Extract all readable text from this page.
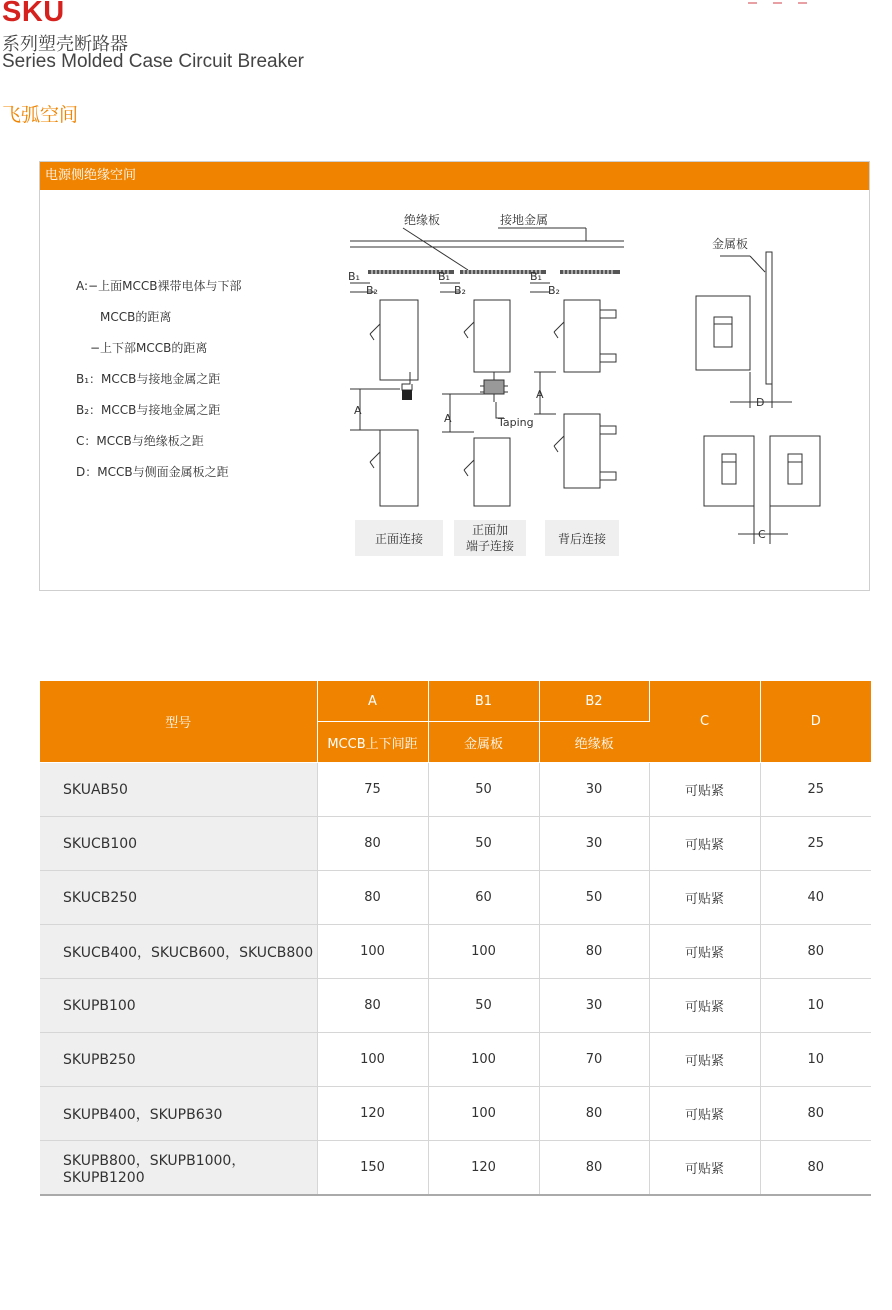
SKU
系列塑壳断路器
Series Molded Case Circuit Breaker
飞弧空间
电源侧绝缘空间
A:−上面MCCB裸带电体与下部
MCCB的距离
−上下部MCCB的距离
B₁：MCCB与接地金属之距
B₂：MCCB与接地金属之距
C：MCCB与绝缘板之距
D：MCCB与侧面金属板之距
绝缘板	接地金属
金属板
B₁
B₂
B₁
B₂
B₁
B₂
A
A	Taping
A
正面连接
正面加
端子连接	背后连接
D
C
型号	A	B1	B2	C	D
	MCCB上下间距	金属板	绝缘板		
SKUAB50	75	50	30	可贴紧	25
SKUCB100	80	50	30	可贴紧	25
SKUCB250	80	60	50	可贴紧	40
SKUCB400，SKUCB600，SKUCB800	100	100	80	可贴紧	80
SKUPB100	80	50	30	可贴紧	10
SKUPB250	100	100	70	可贴紧	10
SKUPB400，SKUPB630	120	100	80	可贴紧	80
SKUPB800，SKUPB1000，SKUPB1200	150	120	80	可贴紧	80
